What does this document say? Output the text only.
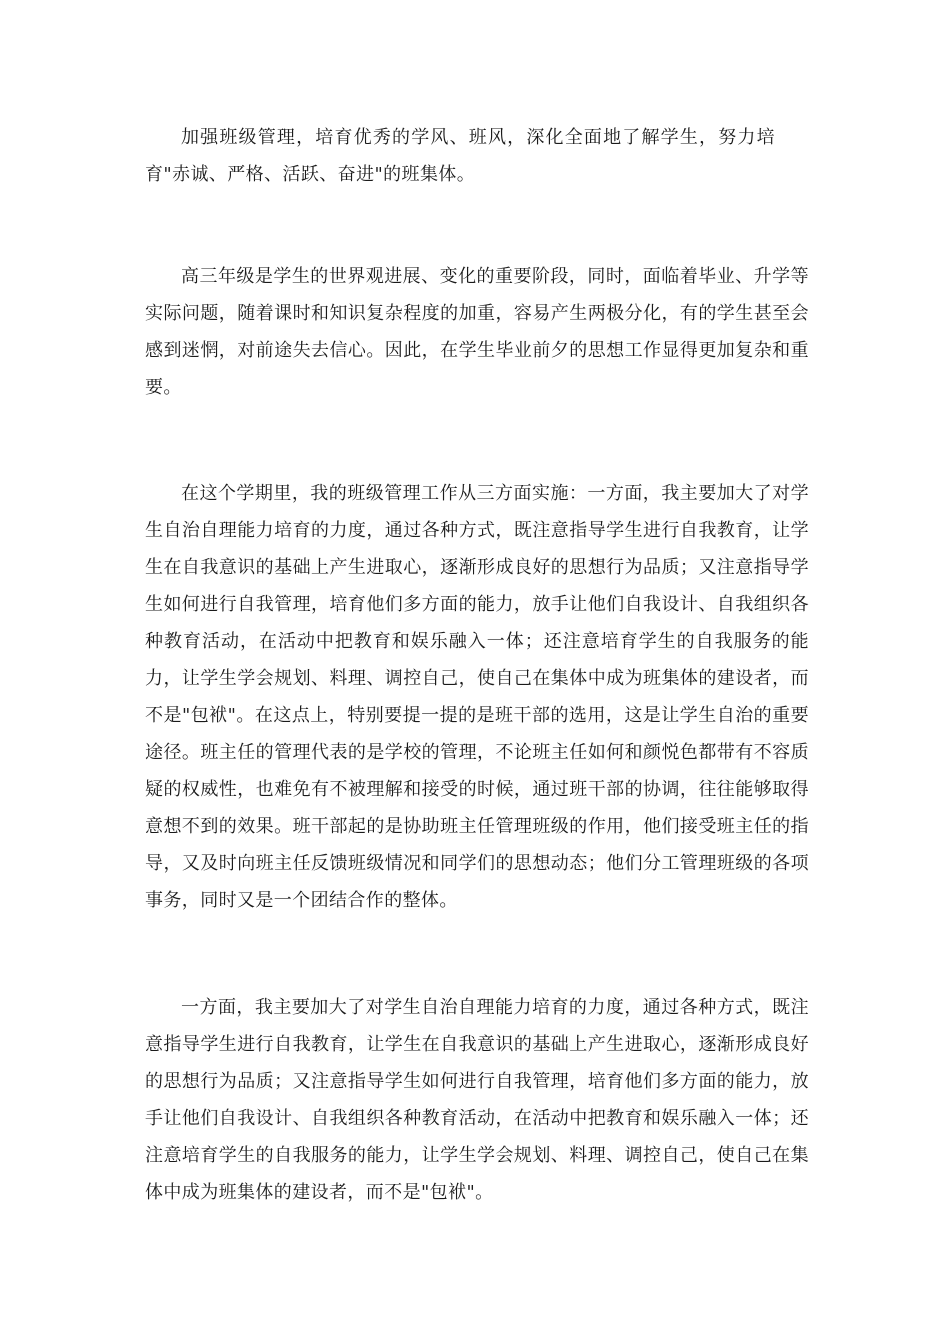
加强班级管理，培育优秀的学风、班风，深化全面地了解学生，努力培育"赤诚、严格、活跃、奋进"的班集体。

高三年级是学生的世界观进展、变化的重要阶段，同时，面临着毕业、升学等实际问题，随着课时和知识复杂程度的加重，容易产生两极分化，有的学生甚至会感到迷惘，对前途失去信心。因此，在学生毕业前夕的思想工作显得更加复杂和重要。

在这个学期里，我的班级管理工作从三方面实施：一方面，我主要加大了对学生自治自理能力培育的力度，通过各种方式，既注意指导学生进行自我教育，让学生在自我意识的基础上产生进取心，逐渐形成良好的思想行为品质；又注意指导学生如何进行自我管理，培育他们多方面的能力，放手让他们自我设计、自我组织各种教育活动，在活动中把教育和娱乐融入一体；还注意培育学生的自我服务的能力，让学生学会规划、料理、调控自己，使自己在集体中成为班集体的建设者，而不是"包袱"。在这点上，特别要提一提的是班干部的选用，这是让学生自治的重要途径。班主任的管理代表的是学校的管理，不论班主任如何和颜悦色都带有不容质疑的权威性，也难免有不被理解和接受的时候，通过班干部的协调，往往能够取得意想不到的效果。班干部起的是协助班主任管理班级的作用，他们接受班主任的指导，又及时向班主任反馈班级情况和同学们的思想动态；他们分工管理班级的各项事务，同时又是一个团结合作的整体。

一方面，我主要加大了对学生自治自理能力培育的力度，通过各种方式，既注意指导学生进行自我教育，让学生在自我意识的基础上产生进取心，逐渐形成良好的思想行为品质；又注意指导学生如何进行自我管理，培育他们多方面的能力，放手让他们自我设计、自我组织各种教育活动，在活动中把教育和娱乐融入一体；还注意培育学生的自我服务的能力，让学生学会规划、料理、调控自己，使自己在集体中成为班集体的建设者，而不是"包袱"。
